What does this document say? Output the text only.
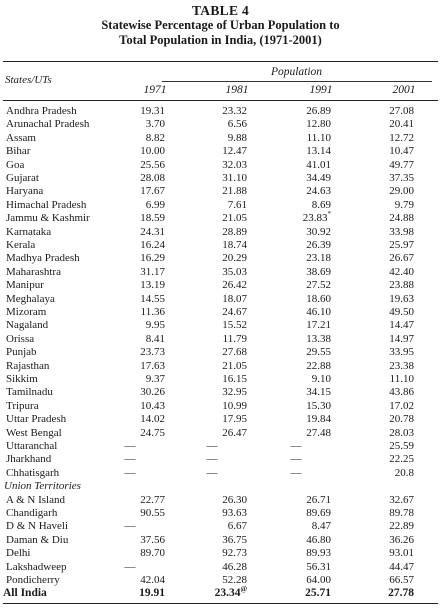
TABLE 4
Statewise Percentage of Urban Population to
Total Population in India, (1971-2001)
States/UTs
Population
1971	1981	1991	2001
Andhra Pradesh	19.31	23.32	26.89	27.08
Arunachal Pradesh	3.70	6.56	12.80	20.41
Assam	8.82	9.88	11.10	12.72
Bihar	10.00	12.47	13.14	10.47
Goa	25.56	32.03	41.01	49.77
Gujarat	28.08	31.10	34.49	37.35
Haryana	17.67	21.88	24.63	29.00
Himachal Pradesh	6.99	7.61	8.69	9.79
Jammu & Kashmir	18.59	21.05	23.83*	24.88
Karnataka	24.31	28.89	30.92	33.98
Kerala	16.24	18.74	26.39	25.97
Madhya Pradesh	16.29	20.29	23.18	26.67
Maharashtra	31.17	35.03	38.69	42.40
Manipur	13.19	26.42	27.52	23.88
Meghalaya	14.55	18.07	18.60	19.63
Mizoram	11.36	24.67	46.10	49.50
Nagaland	9.95	15.52	17.21	14.47
Orissa	8.41	11.79	13.38	14.97
Punjab	23.73	27.68	29.55	33.95
Rajasthan	17.63	21.05	22.88	23.38
Sikkim	9.37	16.15	9.10	11.10
Tamilnadu	30.26	32.95	34.15	43.86
Tripura	10.43	10.99	15.30	17.02
Uttar Pradesh	14.02	17.95	19.84	20.78
West Bengal	24.75	26.47	27.48	28.03
Uttaranchal	—	—	—	25.59
Jharkhand	—	—	—	22.25
Chhatisgarh	—	—	—	20.8
Union Territories
A & N Island	22.77	26.30	26.71	32.67
Chandigarh	90.55	93.63	89.69	89.78
D & N Haveli	—	6.67	8.47	22.89
Daman & Diu	37.56	36.75	46.80	36.26
Delhi	89.70	92.73	89.93	93.01
Lakshadweep	—	46.28	56.31	44.47
Pondicherry	42.04	52.28	64.00	66.57
All India	19.91	23.34@	25.71	27.78
